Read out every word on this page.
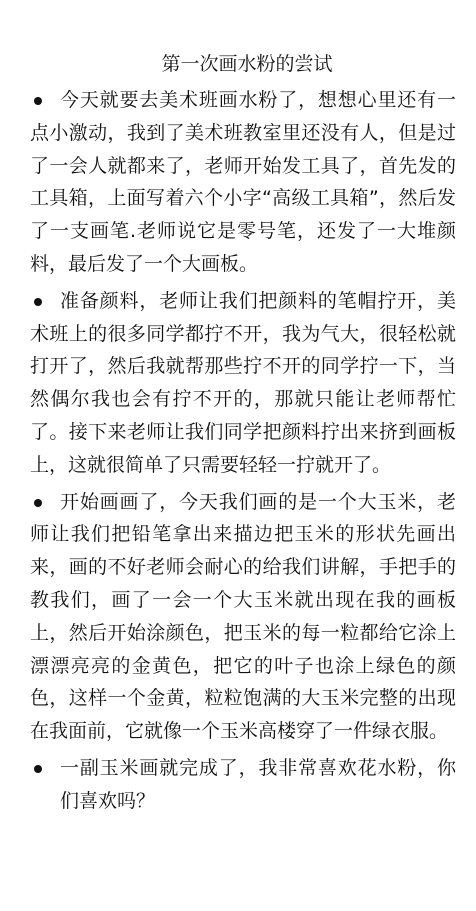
第一次画水粉的尝试
今天就要去美术班画水粉了，想想心里还有一点小激动，我到了美术班教室里还没有人，但是过了一会人就都来了，老师开始发工具了，首先发的工具箱，上面写着六个小字“高级工具箱”，然后发了一支画笔.老师说它是零号笔，还发了一大堆颜料，最后发了一个大画板。
准备颜料，老师让我们把颜料的笔帽拧开，美术班上的很多同学都拧不开，我为气大，很轻松就打开了，然后我就帮那些拧不开的同学拧一下，当然偶尔我也会有拧不开的，那就只能让老师帮忙了。接下来老师让我们同学把颜料拧出来挤到画板上，这就很简单了只需要轻轻一拧就开了。
开始画画了，今天我们画的是一个大玉米，老师让我们把铅笔拿出来描边把玉米的形状先画出来，画的不好老师会耐心的给我们讲解，手把手的教我们，画了一会一个大玉米就出现在我的画板上，然后开始涂颜色，把玉米的每一粒都给它涂上漂漂亮亮的金黄色，把它的叶子也涂上绿色的颜色，这样一个金黄，粒粒饱满的大玉米完整的出现在我面前，它就像一个玉米高楼穿了一件绿衣服。
一副玉米画就完成了，我非常喜欢花水粉，你们喜欢吗？
